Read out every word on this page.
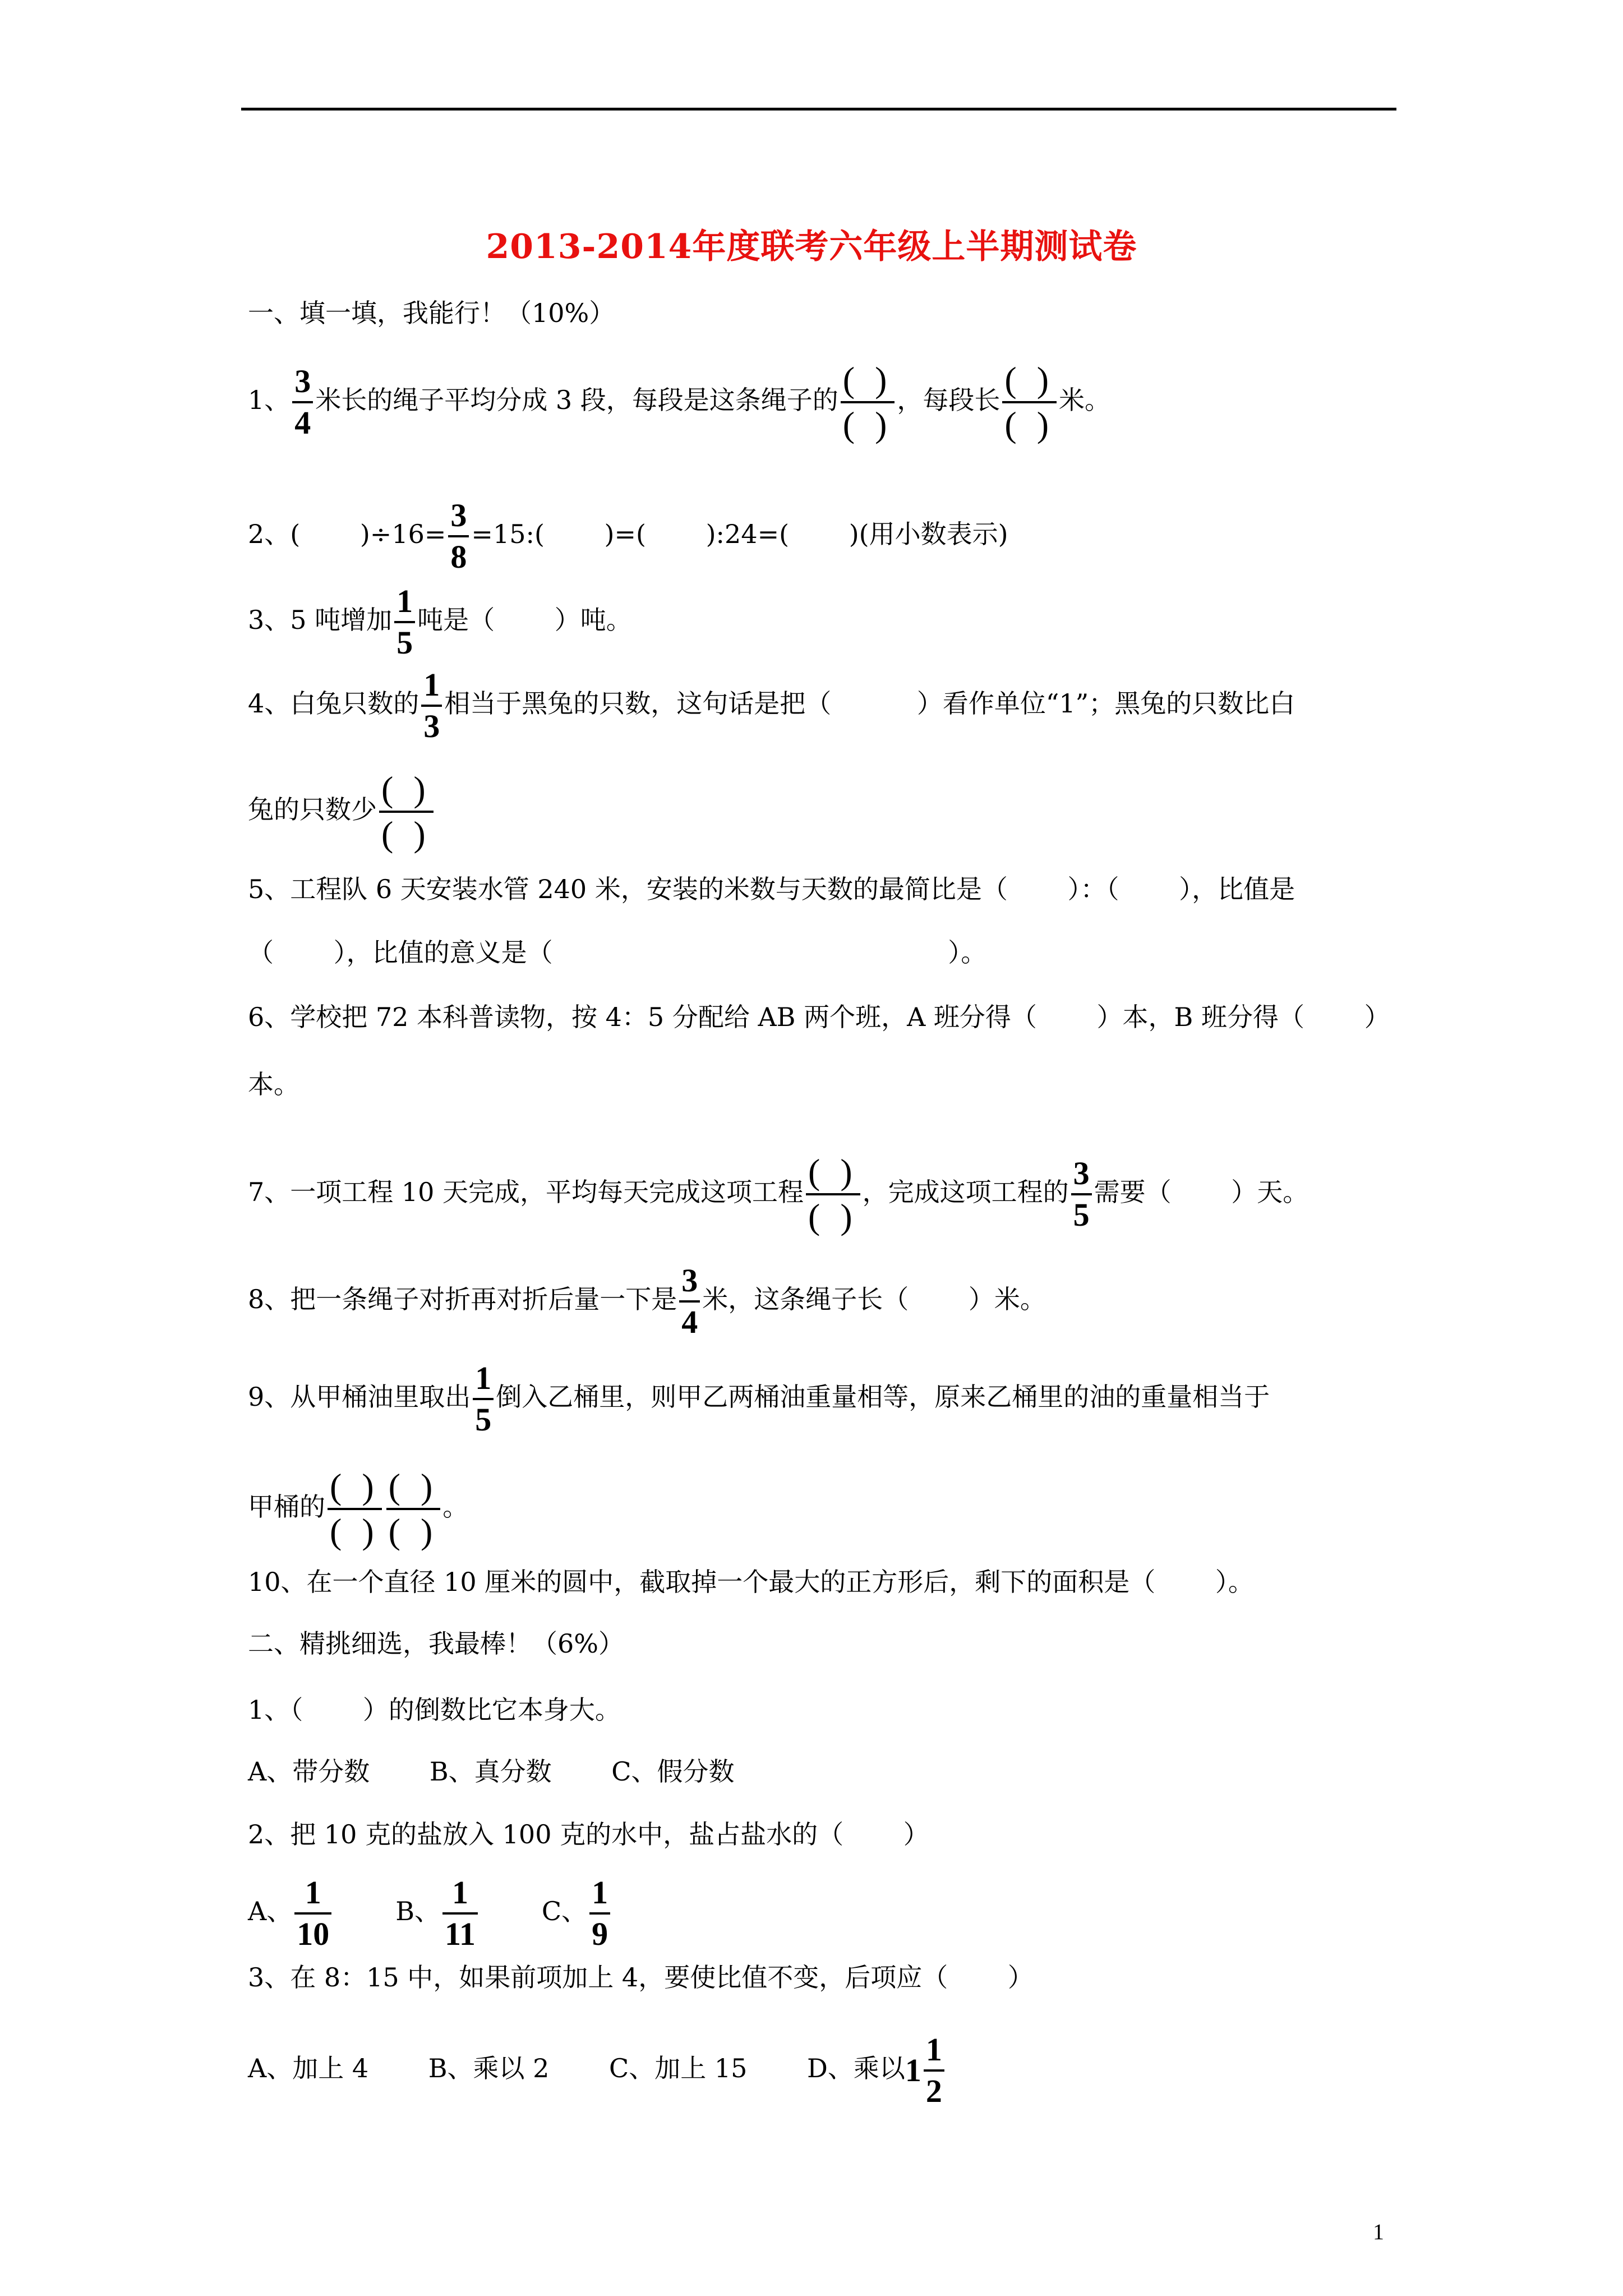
2013-2014年度联考六年级上半期测试卷
一、填一填，我能行！（10%）
1、 $\frac{3}{4}$ 米长的绳子平均分成 3 段，每段是这条绳子的 $\frac{( )}{( )}$ ，每段长 $\frac{( )}{( )}$ 米。
2、(　　 )$\div 16= \frac{3}{8}$ =15:(　　 )=(　　 ):24=(　　 )(用小数表示)
3、5 吨增加 $\frac{1}{5}$ 吨是（　　 ）吨。
4、白兔只数的 $\frac{1}{3}$ 相当于黑兔的只数，这句话是把（　　　 ）看作单位“1”；黑兔的只数比白
兔的只数少 $\frac{( )}{( )}$
5、工程队 6 天安装水管 240 米，安装的米数与天数的最简比是（　　 ）：（　　 ），比值是
（　　 ），比值的意义是（　　　　　　　　　　　　　　　 ）。
6、学校把 72 本科普读物，按 4：5 分配给 AB 两个班，A 班分得（　　 ）本，B 班分得（　　 ）
本。
7、一项工程 10 天完成，平均每天完成这项工程 $\frac{( )}{( )}$ ，完成这项工程的 $\frac{3}{5}$ 需要（　　 ）天。
8、把一条绳子对折再对折后量一下是 $\frac{3}{4}$ 米，这条绳子长（　　 ）米。
9、从甲桶油里取出 $\frac{1}{5}$ 倒入乙桶里，则甲乙两桶油重量相等，原来乙桶里的油的重量相当于
甲桶的 $\frac{( )}{( )} \frac{( )}{( )}$ 。
10、在一个直径 10 厘米的圆中，截取掉一个最大的正方形后，剩下的面积是（　　 ）。
二、精挑细选，我最棒！（6%）
1、（　　 ）的倒数比它本身大。
A、带分数　　 B、真分数　　 C、假分数
2、把 10 克的盐放入 100 克的水中，盐占盐水的（　　 ）
A、 $\frac{1}{10}$ B、 $\frac{1}{11}$ C、 $\frac{1}{9}$
3、在 8：15 中，如果前项加上 4，要使比值不变，后项应（　　 ）
A、加上 4　　 B、乘以 2　　 C、加上 15　　 D、乘以 $1 \frac{1}{2}$
1
